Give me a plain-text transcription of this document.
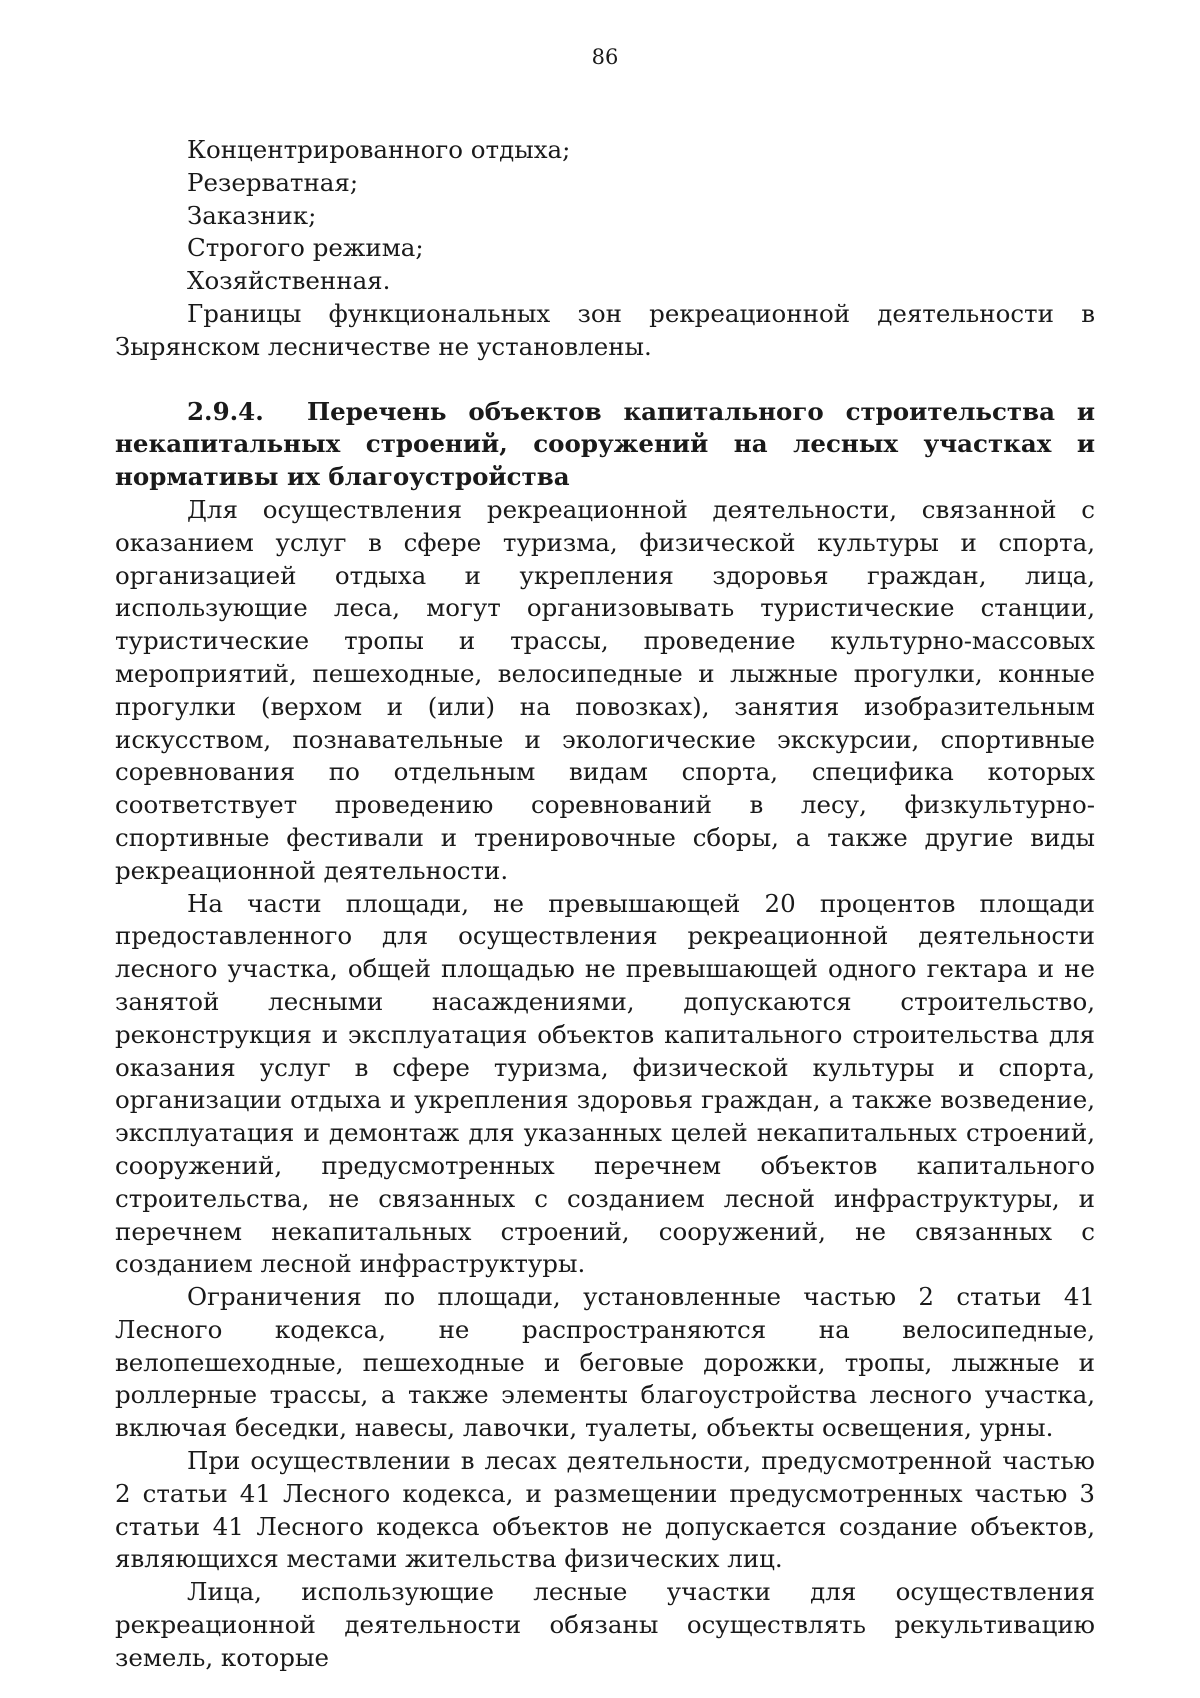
86
Концентрированного отдыха;
Резерватная;
Заказник;
Строгого режима;
Хозяйственная.

Границы функциональных зон рекреационной деятельности в Зырянском лесничестве не установлены.

2.9.4. Перечень объектов капитального строительства и некапитальных строений, сооружений на лесных участках и нормативы их благоустройства

Для осуществления рекреационной деятельности, связанной с оказанием услуг в сфере туризма, физической культуры и спорта, организацией отдыха и укрепления здоровья граждан, лица, использующие леса, могут организовывать туристические станции, туристические тропы и трассы, проведение культурно-массовых мероприятий, пешеходные, велосипедные и лыжные прогулки, конные прогулки (верхом и (или) на повозках), занятия изобразительным искусством, познавательные и экологические экскурсии, спортивные соревнования по отдельным видам спорта, специфика которых соответствует проведению соревнований в лесу, физкультурно-спортивные фестивали и тренировочные сборы, а также другие виды рекреационной деятельности.

На части площади, не превышающей 20 процентов площади предоставленного для осуществления рекреационной деятельности лесного участка, общей площадью не превышающей одного гектара и не занятой лесными насаждениями, допускаются строительство, реконструкция и эксплуатация объектов капитального строительства для оказания услуг в сфере туризма, физической культуры и спорта, организации отдыха и укрепления здоровья граждан, а также возведение, эксплуатация и демонтаж для указанных целей некапитальных строений, сооружений, предусмотренных перечнем объектов капитального строительства, не связанных с созданием лесной инфраструктуры, и перечнем некапитальных строений, сооружений, не связанных с созданием лесной инфраструктуры.

Ограничения по площади, установленные частью 2 статьи 41 Лесного кодекса, не распространяются на велосипедные, велопешеходные, пешеходные и беговые дорожки, тропы, лыжные и роллерные трассы, а также элементы благоустройства лесного участка, включая беседки, навесы, лавочки, туалеты, объекты освещения, урны.

При осуществлении в лесах деятельности, предусмотренной частью 2 статьи 41 Лесного кодекса, и размещении предусмотренных частью 3 статьи 41 Лесного кодекса объектов не допускается создание объектов, являющихся местами жительства физических лиц.

Лица, использующие лесные участки для осуществления рекреационной деятельности обязаны осуществлять рекультивацию земель, которые
